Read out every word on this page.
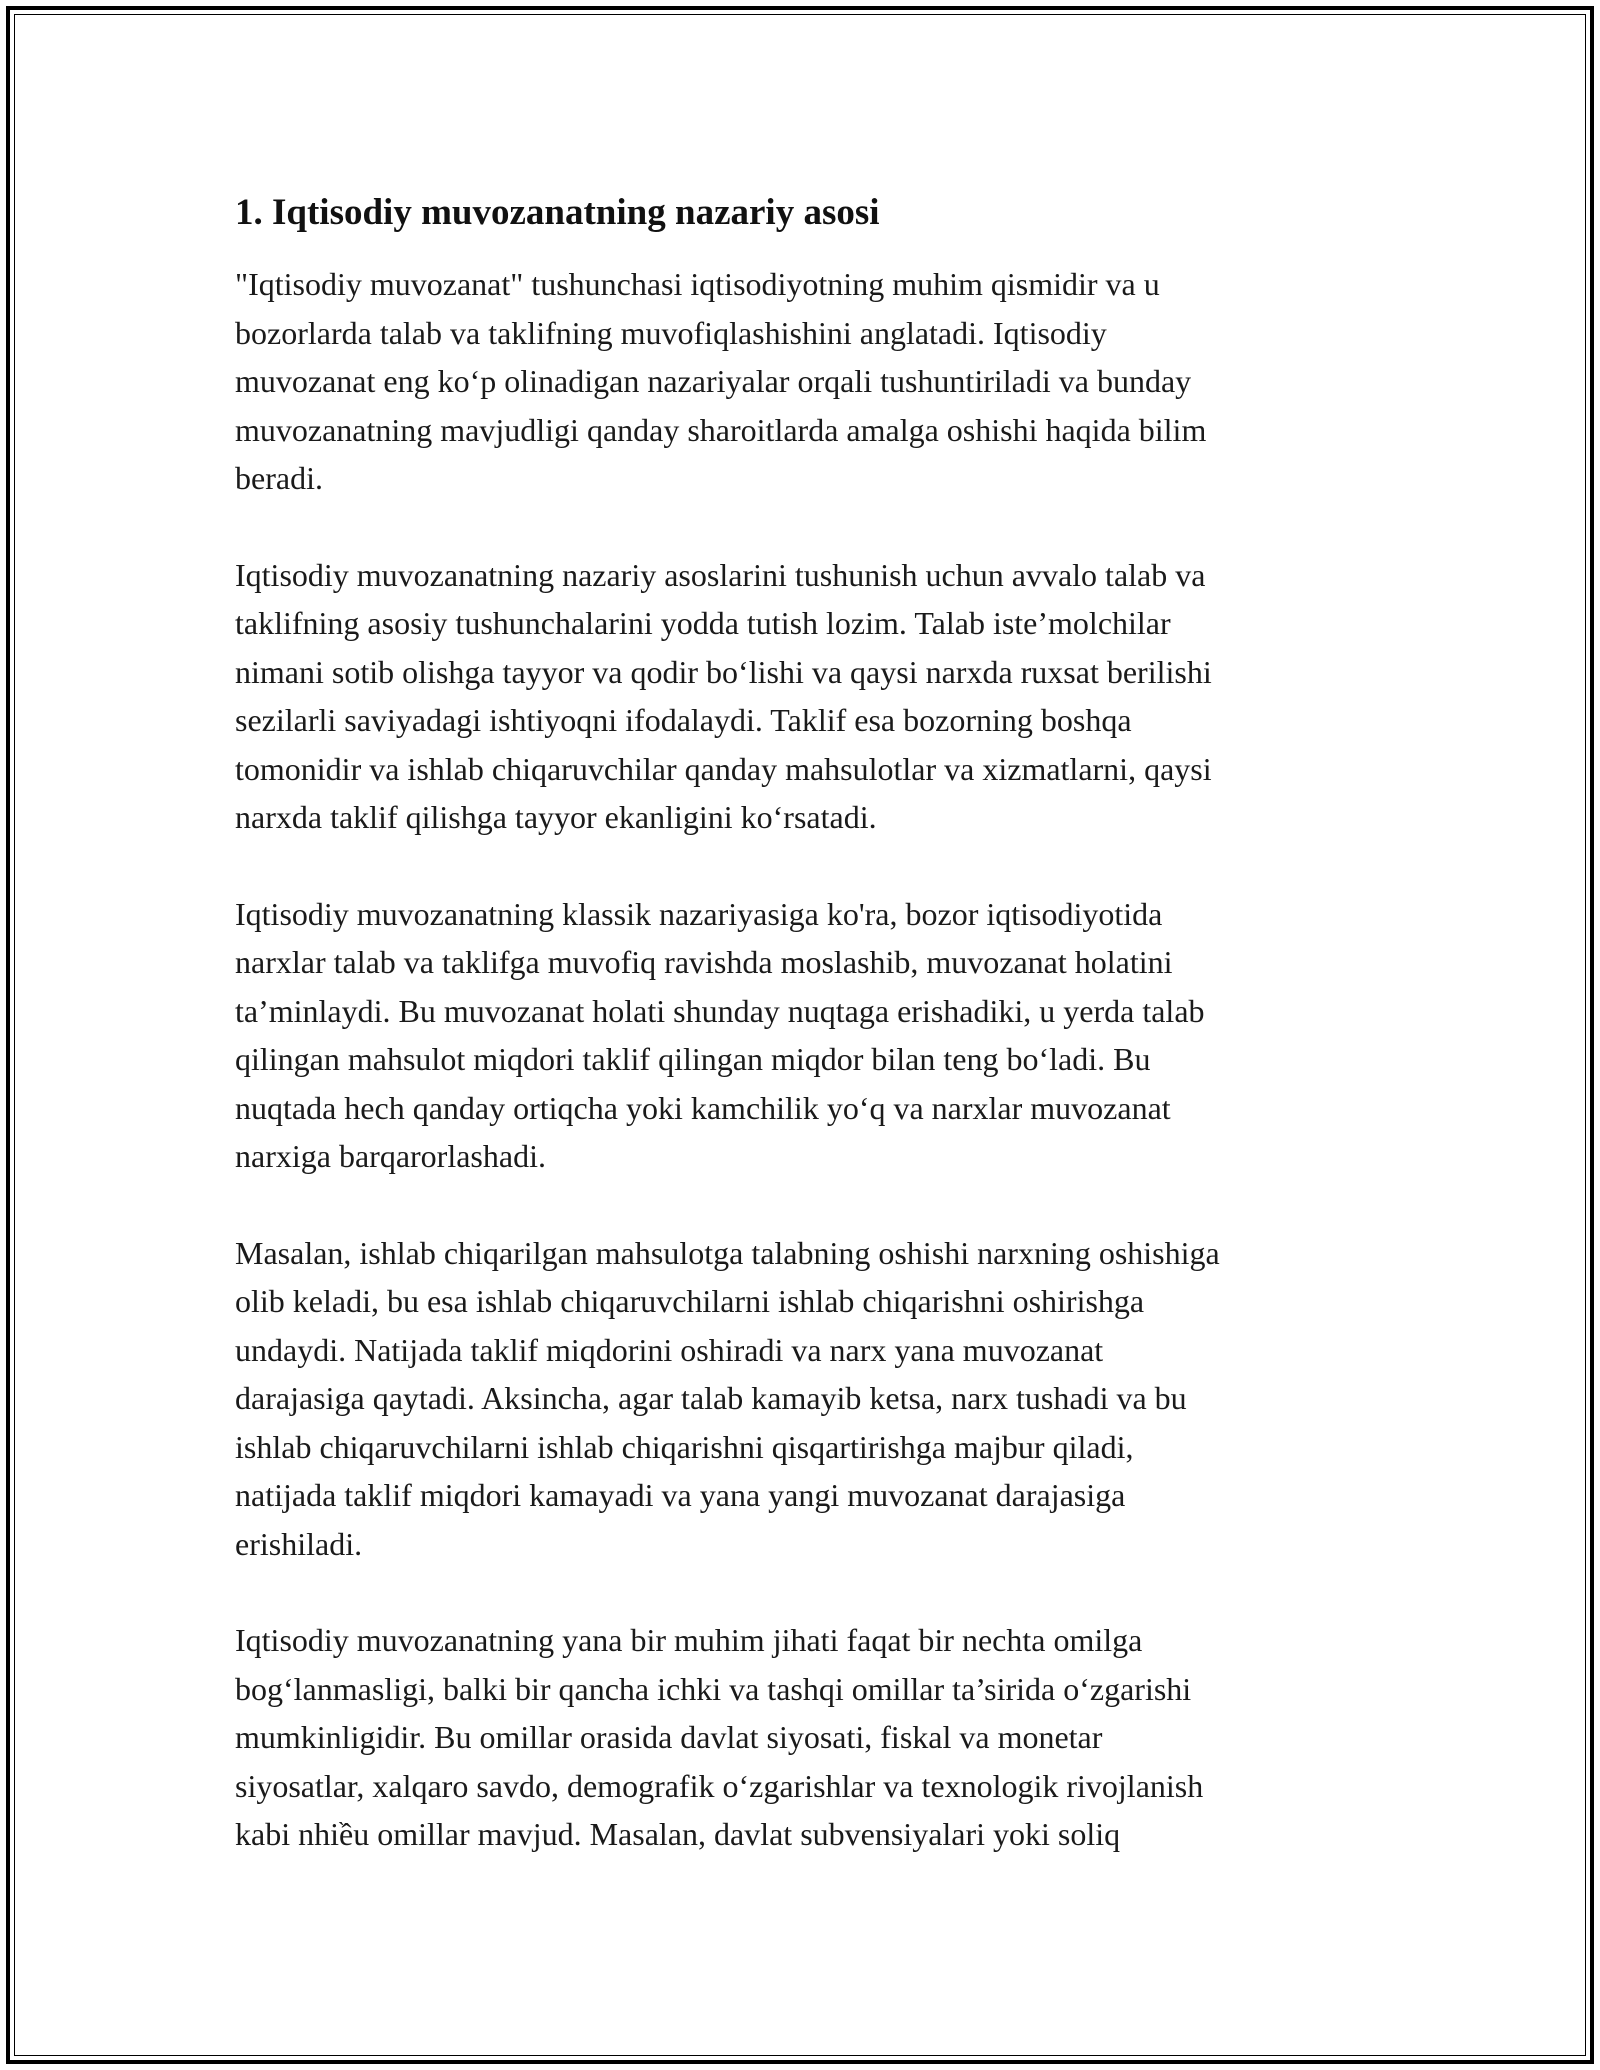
1. Iqtisodiy muvozanatning nazariy asosi

"Iqtisodiy muvozanat" tushunchasi iqtisodiyotning muhim qismidir va u
bozorlarda talab va taklifning muvofiqlashishini anglatadi. Iqtisodiy
muvozanat eng ko‘p olinadigan nazariyalar orqali tushuntiriladi va bunday
muvozanatning mavjudligi qanday sharoitlarda amalga oshishi haqida bilim
beradi.

Iqtisodiy muvozanatning nazariy asoslarini tushunish uchun avvalo talab va
taklifning asosiy tushunchalarini yodda tutish lozim. Talab iste’molchilar
nimani sotib olishga tayyor va qodir bo‘lishi va qaysi narxda ruxsat berilishi
sezilarli saviyadagi ishtiyoqni ifodalaydi. Taklif esa bozorning boshqa
tomonidir va ishlab chiqaruvchilar qanday mahsulotlar va xizmatlarni, qaysi
narxda taklif qilishga tayyor ekanligini ko‘rsatadi.

Iqtisodiy muvozanatning klassik nazariyasiga ko'ra, bozor iqtisodiyotida
narxlar talab va taklifga muvofiq ravishda moslashib, muvozanat holatini
ta’minlaydi. Bu muvozanat holati shunday nuqtaga erishadiki, u yerda talab
qilingan mahsulot miqdori taklif qilingan miqdor bilan teng bo‘ladi. Bu
nuqtada hech qanday ortiqcha yoki kamchilik yo‘q va narxlar muvozanat
narxiga barqarorlashadi.

Masalan, ishlab chiqarilgan mahsulotga talabning oshishi narxning oshishiga
olib keladi, bu esa ishlab chiqaruvchilarni ishlab chiqarishni oshirishga
undaydi. Natijada taklif miqdorini oshiradi va narx yana muvozanat
darajasiga qaytadi. Aksincha, agar talab kamayib ketsa, narx tushadi va bu
ishlab chiqaruvchilarni ishlab chiqarishni qisqartirishga majbur qiladi,
natijada taklif miqdori kamayadi va yana yangi muvozanat darajasiga
erishiladi.

Iqtisodiy muvozanatning yana bir muhim jihati faqat bir nechta omilga
bog‘lanmasligi, balki bir qancha ichki va tashqi omillar ta’sirida o‘zgarishi
mumkinligidir. Bu omillar orasida davlat siyosati, fiskal va monetar
siyosatlar, xalqaro savdo, demografik o‘zgarishlar va texnologik rivojlanish
kabi nhiều omillar mavjud. Masalan, davlat subvensiyalari yoki soliq
